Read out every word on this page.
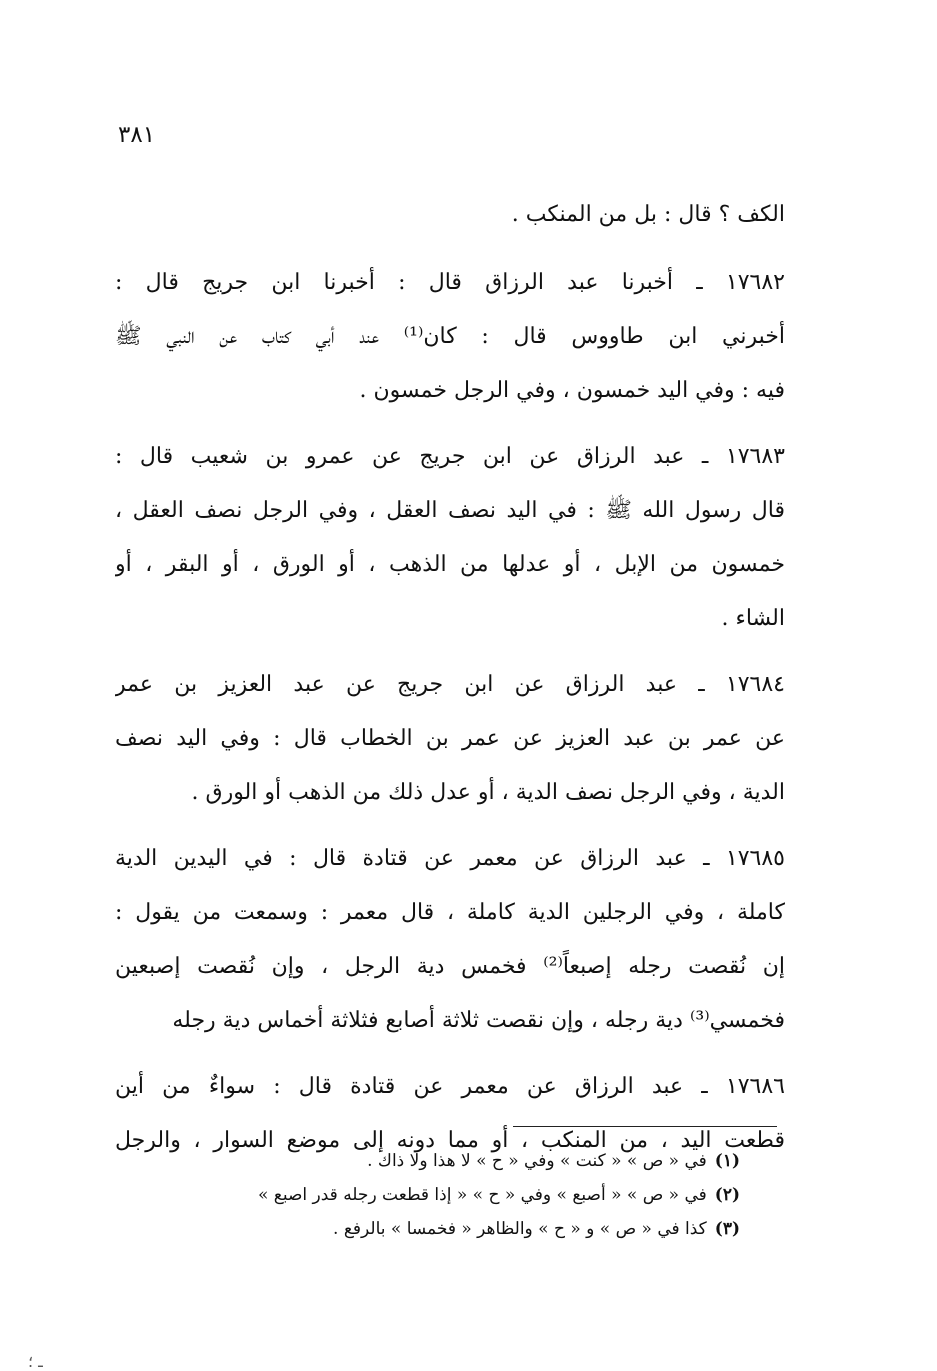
٣٨١
الكف ؟ قال : بل من المنكب .
١٧٦٨٢ ـ أخبرنا عبد الرزاق قال : أخبرنا ابن جريج قال :
أخبرني ابن طاووس قال : كان⁽¹⁾ عند أبي كتاب عن النبي ﷺ
فيه : وفي اليد خمسون ، وفي الرجل خمسون .
١٧٦٨٣ ـ عبد الرزاق عن ابن جريج عن عمرو بن شعيب قال :
قال رسول الله ﷺ : في اليد نصف العقل ، وفي الرجل نصف العقل ،
خمسون من الإبل ، أو عدلها من الذهب ، أو الورق ، أو البقر ، أو
الشاء .
١٧٦٨٤ ـ عبد الرزاق عن ابن جريج عن عبد العزيز بن عمر
عن عمر بن عبد العزيز عن عمر بن الخطاب قال : وفي اليد نصف
الدية ، وفي الرجل نصف الدية ، أو عدل ذلك من الذهب أو الورق .
١٧٦٨٥ ـ عبد الرزاق عن معمر عن قتادة قال : في اليدين الدية
كاملة ، وفي الرجلين الدية كاملة ، قال معمر : وسمعت من يقول :
إن نُقصت رجله إصبعاً⁽²⁾ فخمس دية الرجل ، وإن نُقصت إصبعين
فخمسي⁽³⁾ دية رجله ، وإن نقصت ثلاثة أصابع فثلاثة أخماس دية رجله
١٧٦٨٦ ـ عبد الرزاق عن معمر عن قتادة قال : سواءٌ من أين
قطعت اليد ، من المنكب ، أو مما دونه إلى موضع السوار ، والرجل
(١)في « ص » « كنت » وفي « ح » لا هذا ولا ذاك .
(٢)في « ص » « أصبع » وفي « ح » « إذا قطعت رجله قدر اصبع »
(٣)كذا في « ص » و « ح » والظاهر « فخمسا » بالرفع .
ـ ؛
